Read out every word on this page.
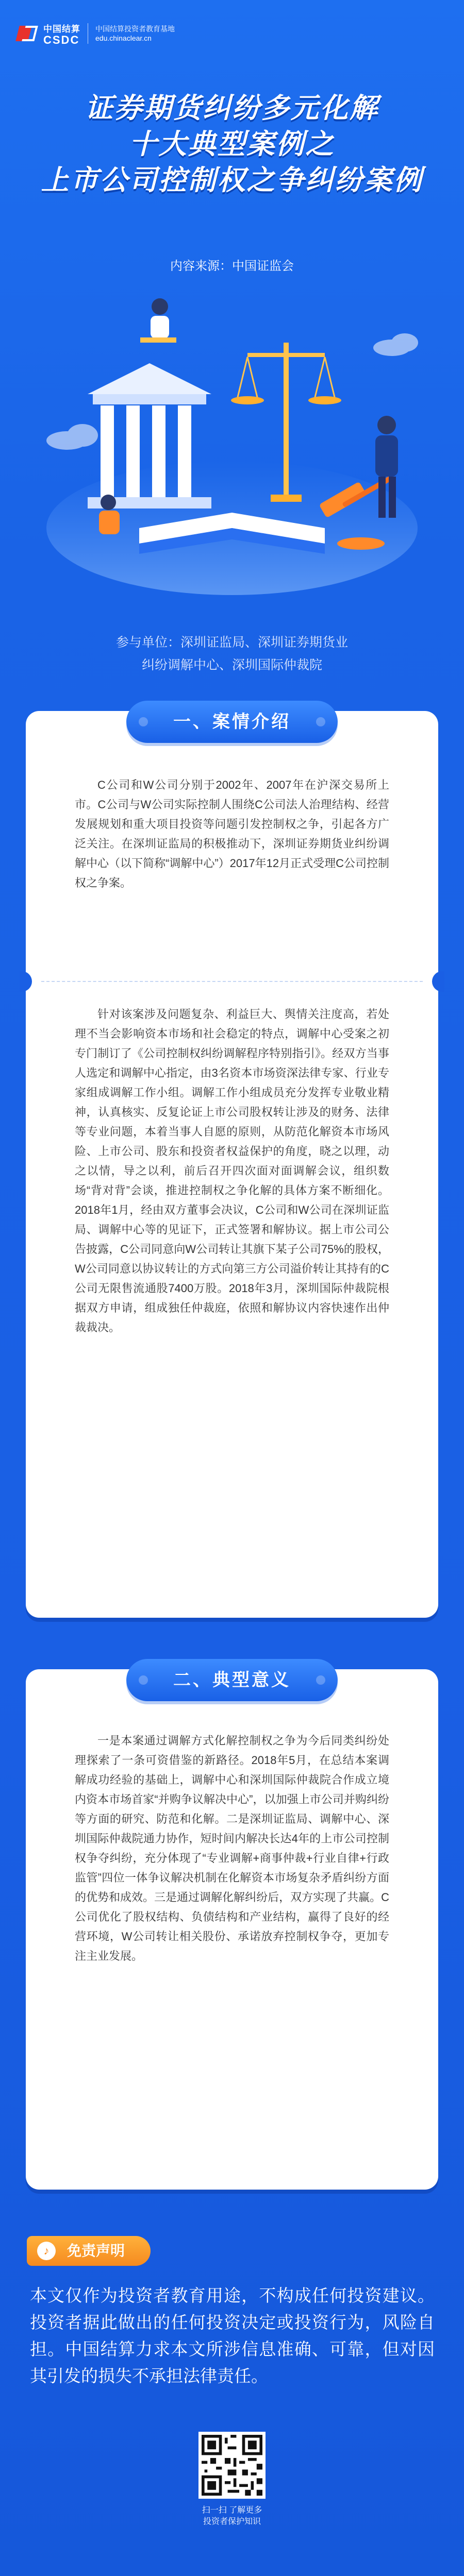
中国结算
CSDC
中国结算投资者教育基地
edu.chinaclear.cn
证券期货纠纷多元化解
十大典型案例之
上市公司控制权之争纠纷案例
内容来源：中国证监会
参与单位：深圳证监局、深圳证券期货业
纠纷调解中心、深圳国际仲裁院
一、案情介绍
C公司和W公司分别于2002年、2007年在沪深交易所上市。C公司与W公司实际控制人围绕C公司法人治理结构、经营发展规划和重大项目投资等问题引发控制权之争，引起各方广泛关注。在深圳证监局的积极推动下，深圳证券期货业纠纷调解中心（以下简称“调解中心”）2017年12月正式受理C公司控制权之争案。
针对该案涉及问题复杂、利益巨大、舆情关注度高，若处理不当会影响资本市场和社会稳定的特点，调解中心受案之初专门制订了《公司控制权纠纷调解程序特别指引》。经双方当事人选定和调解中心指定，由3名资本市场资深法律专家、行业专家组成调解工作小组。调解工作小组成员充分发挥专业敬业精神，认真核实、反复论证上市公司股权转让涉及的财务、法律等专业问题，本着当事人自愿的原则，从防范化解资本市场风险、上市公司、股东和投资者权益保护的角度，晓之以理，动之以情，导之以利，前后召开四次面对面调解会议，组织数场“背对背”会谈，推进控制权之争化解的具体方案不断细化。2018年1月，经由双方董事会决议，C公司和W公司在深圳证监局、调解中心等的见证下，正式签署和解协议。据上市公司公告披露，C公司同意向W公司转让其旗下某子公司75%的股权，W公司同意以协议转让的方式向第三方公司溢价转让其持有的C公司无限售流通股7400万股。2018年3月，深圳国际仲裁院根据双方申请，组成独任仲裁庭，依照和解协议内容快速作出仲裁裁决。
二、典型意义
一是本案通过调解方式化解控制权之争为今后同类纠纷处理探索了一条可资借鉴的新路径。2018年5月，在总结本案调解成功经验的基础上，调解中心和深圳国际仲裁院合作成立境内资本市场首家“并购争议解决中心”，以加强上市公司并购纠纷等方面的研究、防范和化解。二是深圳证监局、调解中心、深圳国际仲裁院通力协作，短时间内解决长达4年的上市公司控制权争夺纠纷，充分体现了“专业调解+商事仲裁+行业自律+行政监管”四位一体争议解决机制在化解资本市场复杂矛盾纠纷方面的优势和成效。三是通过调解化解纠纷后，双方实现了共赢。C公司优化了股权结构、负债结构和产业结构，赢得了良好的经营环境，W公司转让相关股份、承诺放弃控制权争夺，更加专注主业发展。
♪	免责声明
本文仅作为投资者教育用途，不构成任何投资建议。投资者据此做出的任何投资决定或投资行为，风险自担。中国结算力求本文所涉信息准确、可靠，但对因其引发的损失不承担法律责任。
扫一扫 了解更多
投资者保护知识
